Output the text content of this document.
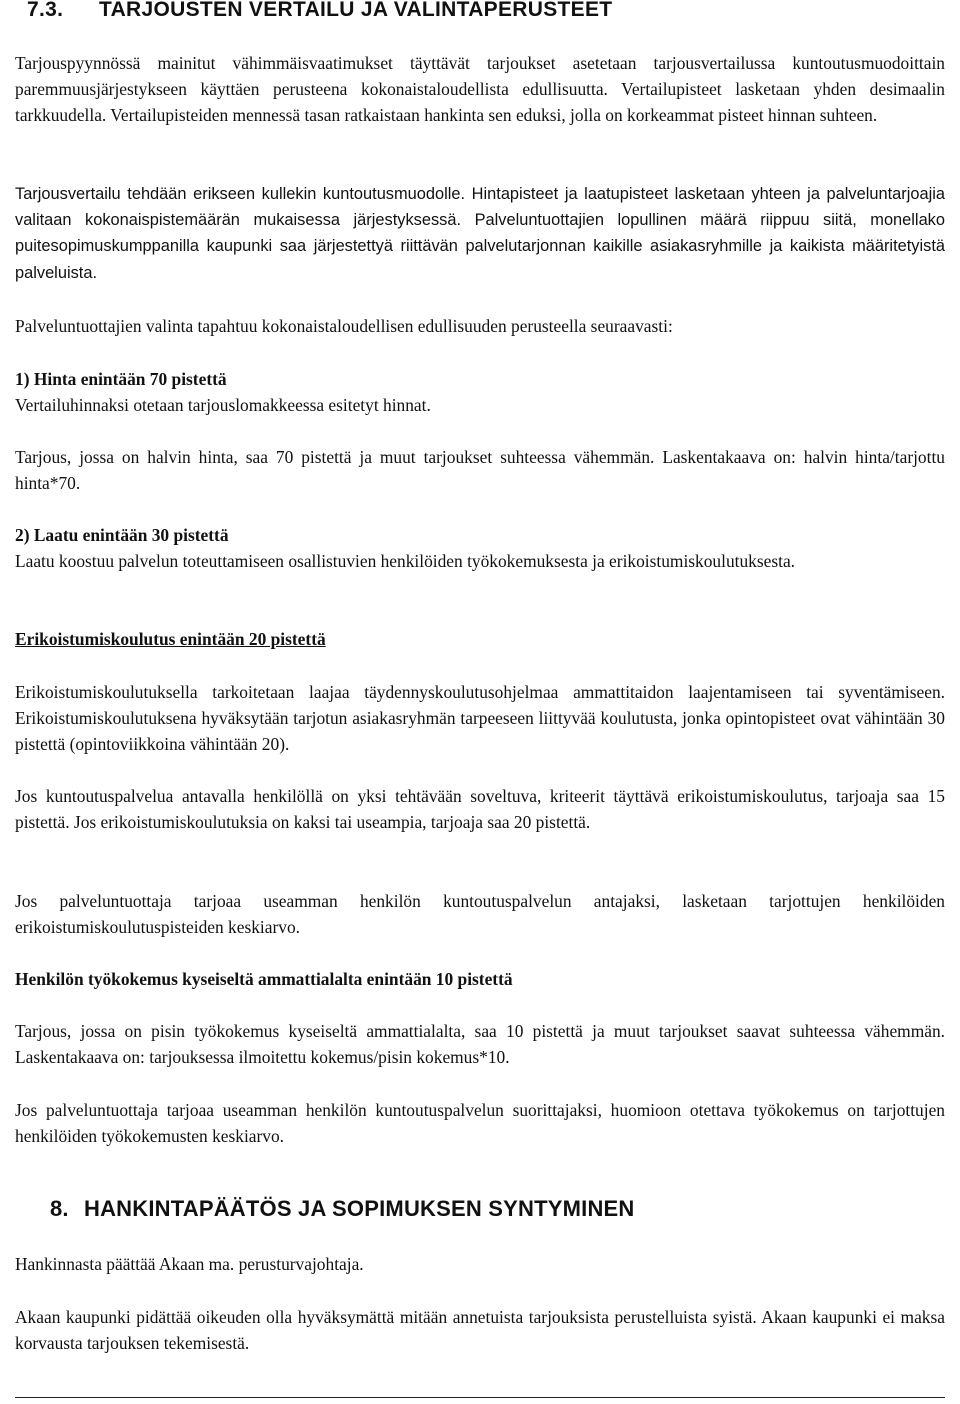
7.3. TARJOUSTEN VERTAILU JA VALINTAPERUSTEET

Tarjouspyynnössä mainitut vähimmäisvaatimukset täyttävät tarjoukset asetetaan tarjousvertailussa kuntoutusmuodoittain paremmuusjärjestykseen käyttäen perusteena kokonaistaloudellista edullisuutta. Vertailupisteet lasketaan yhden desimaalin tarkkuudella. Vertailupisteiden mennessä tasan ratkaistaan hankinta sen eduksi, jolla on korkeammat pisteet hinnan suhteen.

Tarjousvertailu tehdään erikseen kullekin kuntoutusmuodolle. Hintapisteet ja laatupisteet lasketaan yhteen ja palveluntarjoajia valitaan kokonaispistemäärän mukaisessa järjestyksessä. Palveluntuottajien lopullinen määrä riippuu siitä, monellako puitesopimuskumppanilla kaupunki saa järjestettyä riittävän palvelutarjonnan kaikille asiakasryhmille ja kaikista määritetyistä palveluista.

Palveluntuottajien valinta tapahtuu kokonaistaloudellisen edullisuuden perusteella seuraavasti:

1) Hinta enintään 70 pistettä

Vertailuhinnaksi otetaan tarjouslomakkeessa esitetyt hinnat.

Tarjous, jossa on halvin hinta, saa 70 pistettä ja muut tarjoukset suhteessa vähemmän. Laskentakaava on: halvin hinta/tarjottu hinta*70.

2) Laatu enintään 30 pistettä

Laatu koostuu palvelun toteuttamiseen osallistuvien henkilöiden työkokemuksesta ja erikoistumiskoulutuksesta.

Erikoistumiskoulutus enintään 20 pistettä

Erikoistumiskoulutuksella tarkoitetaan laajaa täydennyskoulutusohjelmaa ammattitaidon laajentamiseen tai syventämiseen. Erikoistumiskoulutuksena hyväksytään tarjotun asiakasryhmän tarpeeseen liittyvää koulutusta, jonka opintopisteet ovat vähintään 30 pistettä (opintoviikkoina vähintään 20).

Jos kuntoutuspalvelua antavalla henkilöllä on yksi tehtävään soveltuva, kriteerit täyttävä erikoistumiskoulutus, tarjoaja saa 15 pistettä. Jos erikoistumiskoulutuksia on kaksi tai useampia, tarjoaja saa 20 pistettä.

Jos palveluntuottaja tarjoaa useamman henkilön kuntoutuspalvelun antajaksi, lasketaan tarjottujen henkilöiden erikoistumiskoulutuspisteiden keskiarvo.

Henkilön työkokemus kyseiseltä ammattialalta enintään 10 pistettä

Tarjous, jossa on pisin työkokemus kyseiseltä ammattialalta, saa 10 pistettä ja muut tarjoukset saavat suhteessa vähemmän. Laskentakaava on: tarjouksessa ilmoitettu kokemus/pisin kokemus*10.

Jos palveluntuottaja tarjoaa useamman henkilön kuntoutuspalvelun suorittajaksi, huomioon otettava työkokemus on tarjottujen henkilöiden työkokemusten keskiarvo.

8. HANKINTAPÄÄTÖS JA SOPIMUKSEN SYNTYMINEN

Hankinnasta päättää Akaan ma. perusturvajohtaja.

Akaan kaupunki pidättää oikeuden olla hyväksymättä mitään annetuista tarjouksista perustelluista syistä. Akaan kaupunki ei maksa korvausta tarjouksen tekemisestä.
